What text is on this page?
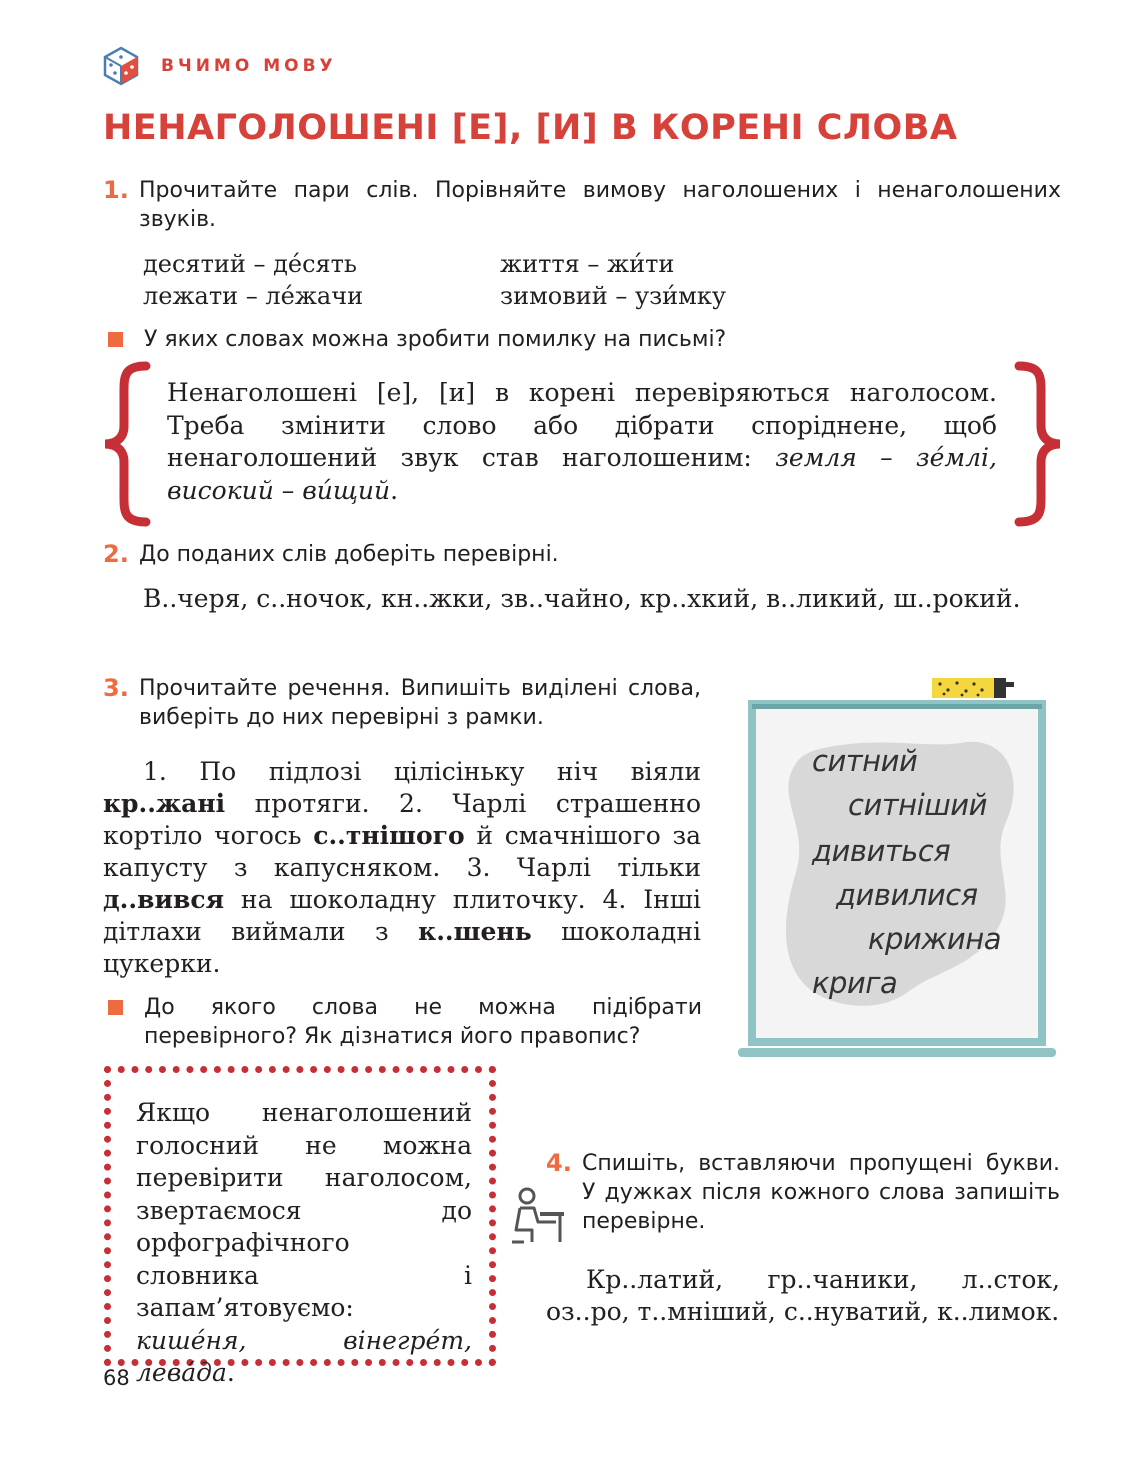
ВЧИМО МОВУ
НЕНАГОЛОШЕНІ [Е], [И] В КОРЕНІ СЛОВА
1. Прочитайте пари слів. Порівняйте вимову наголошених і ненаголошених звуків.
десятий – де́сять	життя – жи́ти
лежати – ле́жачи	зимовий – узи́мку
У яких словах можна зробити помилку на письмі?
Ненаголошені [е], [и] в корені перевіряються наголосом. Треба змінити слово або дібрати споріднене, щоб ненаголошений звук став наголошеним: земля – зе́млі, високий – ви́щий.
2. До поданих слів доберіть перевірні.
В..черя, с..ночок, кн..жки, зв..чайно, кр..хкий, в..ликий, ш..рокий.
3. Прочитайте речення. Випишіть виділені слова, виберіть до них перевірні з рамки.
1. По підлозі цілісіньку ніч віяли кр..жані протяги. 2. Чарлі страшенно кортіло чогось с..тнішого й смачнішого за капусту з капусняком. 3. Чарлі тільки д..вився на шоколадну плиточку. 4. Інші дітлахи виймали з к..шень шоколадні цукерки.
До якого слова не можна підібрати перевірного? Як дізнатися його правопис?
ситний
ситніший
дивиться
дивилися
крижина
крига
Якщо ненаголошений голосний не можна перевірити наголосом, звертаємося до орфографічного словника і запам’ятовуємо: кише́ня, вінегре́т, лева́да.
4. Спишіть, вставляючи пропущені букви. У дужках після кожного слова запишіть перевірне.
Кр..латий, гр..чаники, л..сток, оз..ро, т..мніший, с..нуватий, к..лимок.
68
